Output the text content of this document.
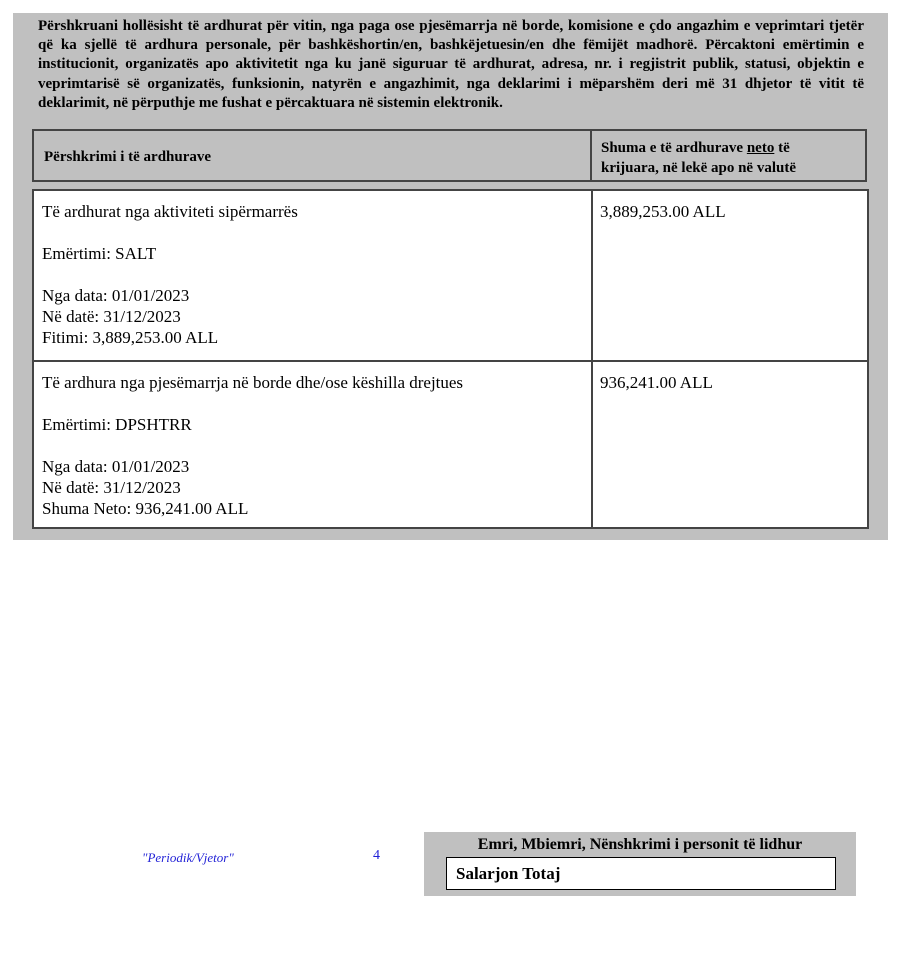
Përshkruani hollësisht të ardhurat për vitin, nga paga ose pjesëmarrja në borde, komisione e çdo angazhim e veprimtari tjetër që ka sjellë të ardhura personale, për bashkëshortin/en, bashkëjetuesin/en dhe fëmijët madhorë. Përcaktoni emërtimin e institucionit, organizatës apo aktivitetit nga ku janë siguruar të ardhurat, adresa, nr. i regjistrit publik, statusi, objektin e veprimtarisë së organizatës, funksionin, natyrën e angazhimit, nga deklarimi i mëparshëm deri më 31 dhjetor të vitit të deklarimit, në përputhje me fushat e përcaktuara në sistemin elektronik.

Përshkrimi i të ardhurave
Shuma e të ardhurave neto të krijuara, në lekë apo në valutë

Të ardhurat nga aktiviteti sipërmarrës

Emërtimi: SALT

Nga data: 01/01/2023

Në datë: 31/12/2023

Fitimi: 3,889,253.00 ALL

3,889,253.00 ALL

Të ardhura nga pjesëmarrja në borde dhe/ose këshilla drejtues

Emërtimi: DPSHTRR

Nga data: 01/01/2023

Në datë: 31/12/2023

Shuma Neto: 936,241.00 ALL

936,241.00 ALL
"Periodik/Vjetor"	4
Emri, Mbiemri, Nënshkrimi i personit të lidhur
Salarjon Totaj
